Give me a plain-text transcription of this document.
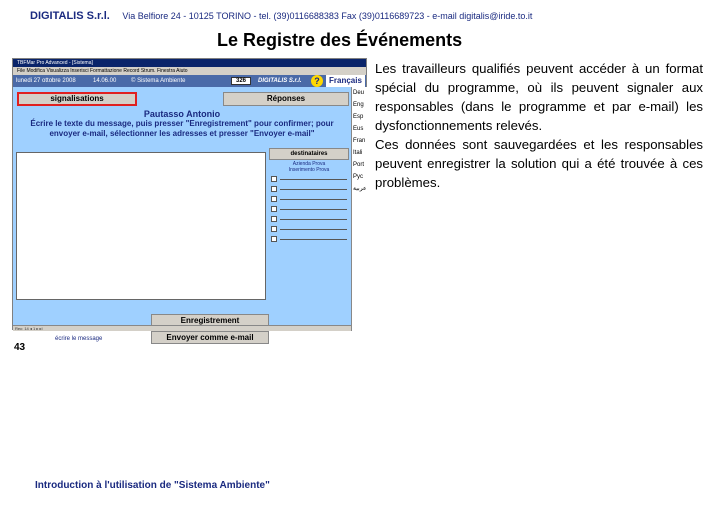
DIGITALIS S.r.l. Via Belfiore 24 - 10125 TORINO - tel. (39)0116688383 Fax (39)0116689723 - e-mail digitalis@iride.to.it
Le Registre des Événements
TBFMar Pro Advanced - [Sistema]
File Modifica Visualizza Inserisci Formattazione Record Strum. Finestra Aiuto
lunedi 27 ottobre 2008	14.06.00 © Sistema Ambiente	326	DIGITALIS S.r.l.	?	Français
signalisations	Réponses
Pautasso Antonio
Écrire le texte du message, puis presser "Enregistrement" pour confirmer; pour envoyer e-mail, sélectionner les adresses et presser "Envoyer e-mail"
destinataires
Azienda Prova
Inserimento Prova
Enregistrement
Envoyer comme e-mail
écrire le message
Rec: 14 ◂ 1 ▸ ▸I
Deu
Eng
Esp
Eus
Fran
Itali
Port
Pyc
عربية

Les travailleurs qualifiés peuvent accéder à un format spécial du programme, où ils peuvent signaler aux responsables (dans le programme et par e-mail) les dysfonctionnements relevés.

Ces données sont sauvegardées et les responsables peuvent enregistrer la solution qui a été trouvée à ces problèmes.

43
Introduction à l'utilisation de "Sistema Ambiente"
